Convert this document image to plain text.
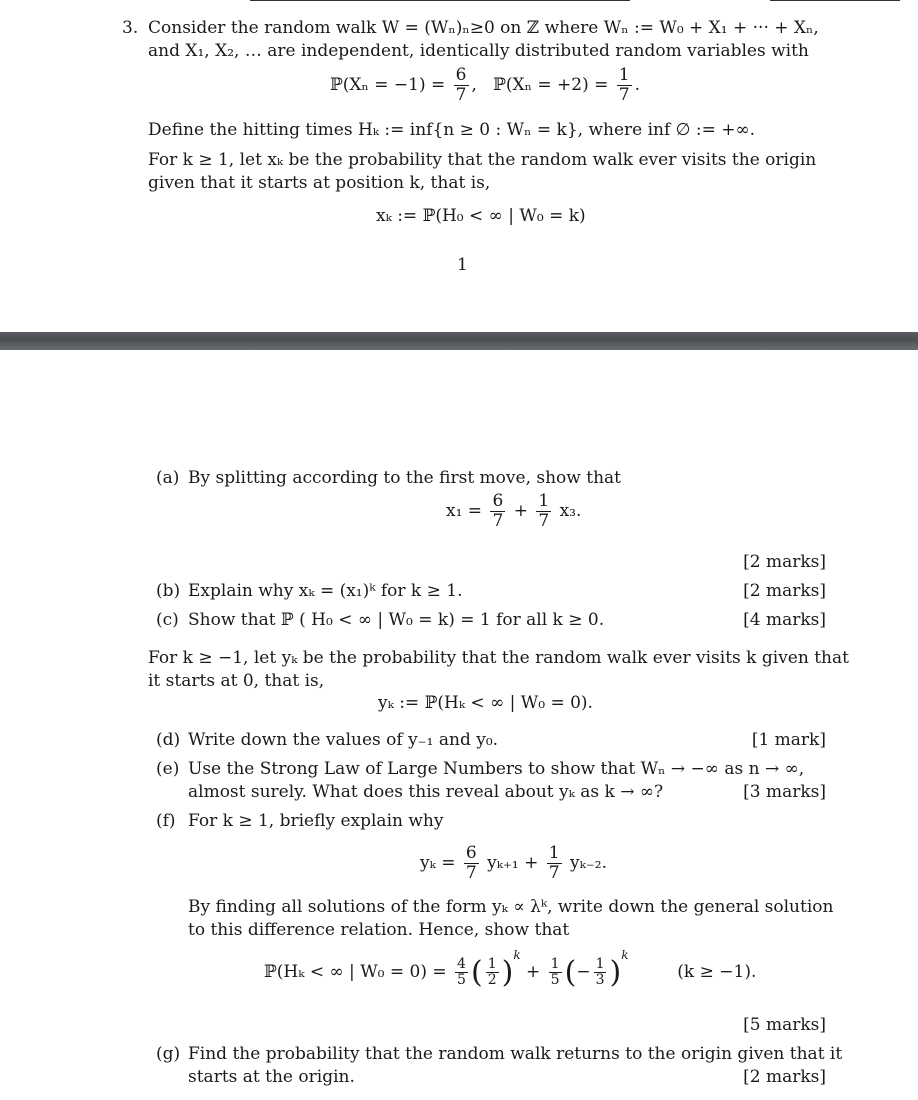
3. Consider the random walk W = (Wₙ)ₙ≥0 on ℤ where Wₙ := W₀ + X₁ + ··· + Xₙ,
and X₁, X₂, … are independent, identically distributed random variables with
ℙ(Xₙ = $-1) = \frac{6}{7}$ ,   ℙ(Xₙ = $+2) = \frac{1}{7}$ .
Define the hitting times Hₖ := inf{n ≥ 0 : Wₙ = k}, where inf ∅ := +∞.
For k ≥ 1, let xₖ be the probability that the random walk ever visits the origin
given that it starts at position k, that is,
xₖ := ℙ(H₀ < ∞ | W₀ = k)
1
(a) By splitting according to the first move, show that
$x_1 = \frac{6}{7} + \frac{1}{7} x_3$.
[2 marks]
(b) Explain why xₖ = (x₁)ᵏ for k ≥ 1.	[2 marks]
(c) Show that ℙ ( H₀ < ∞ | W₀ = k) = 1 for all k ≥ 0.	[4 marks]
For k ≥ −1, let yₖ be the probability that the random walk ever visits k given that
it starts at 0, that is,
yₖ := ℙ(Hₖ < ∞ | W₀ = 0).
(d) Write down the values of y₋₁ and y₀.	[1 mark]
(e) Use the Strong Law of Large Numbers to show that Wₙ → −∞ as n → ∞,
almost surely. What does this reveal about yₖ as k → ∞?	[3 marks]
(f) For k ≥ 1, briefly explain why
$y_k = \frac{6}{7} y_{k+1} + \frac{1}{7} y_{k-2}$.
By finding all solutions of the form yₖ ∝ λᵏ, write down the general solution
to this difference relation. Hence, show that
ℙ(Hₖ < ∞ | $W_0 = 0) = \frac{4}{5}$ ( $\frac{1}{2} )^k + \frac{1}{5}$ (− $\frac{1}{3} )^k$  (k ≥ −1).
[5 marks]
(g) Find the probability that the random walk returns to the origin given that it
starts at the origin.	[2 marks]
